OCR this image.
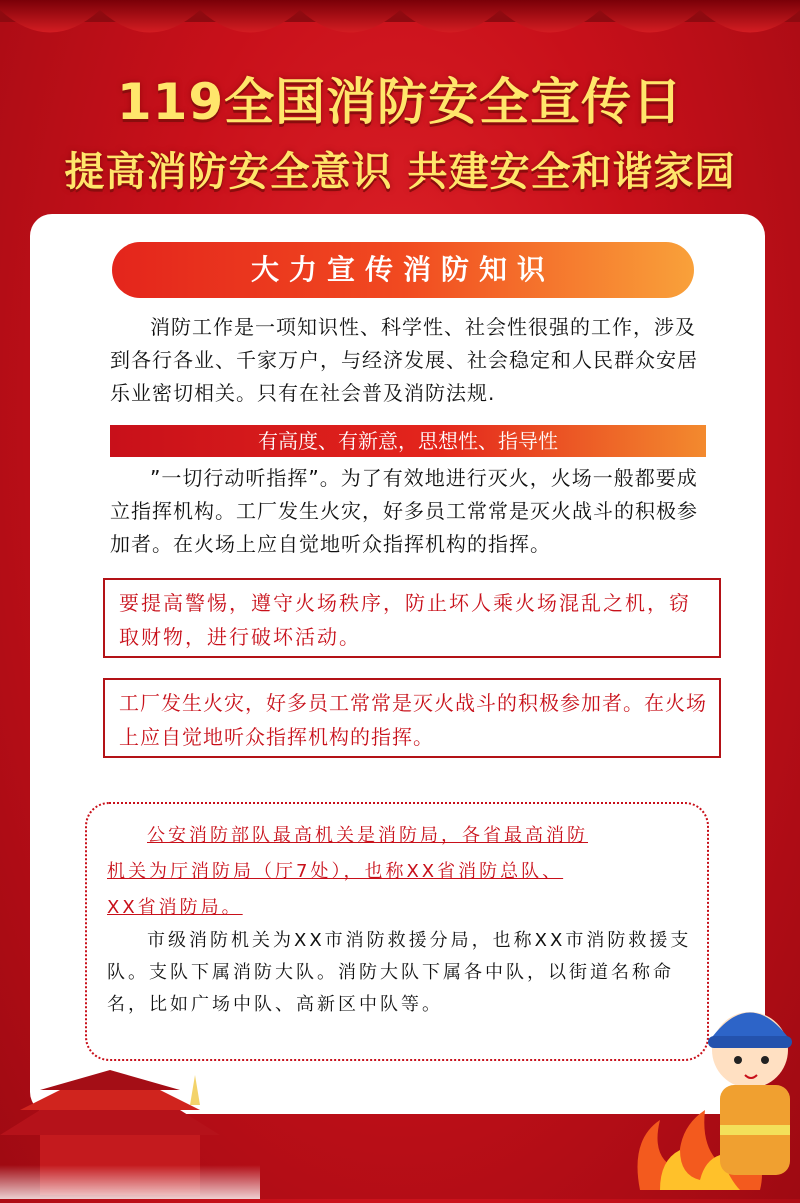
119全国消防安全宣传日
提高消防安全意识 共建安全和谐家园
大力宣传消防知识
消防工作是一项知识性、科学性、社会性很强的工作，涉及到各行各业、千家万户，与经济发展、社会稳定和人民群众安居乐业密切相关。只有在社会普及消防法规.
有高度、有新意，思想性、指导性
”一切行动听指挥”。为了有效地进行灭火，火场一般都要成立指挥机构。工厂发生火灾，好多员工常常是灭火战斗的积极参加者。在火场上应自觉地听众指挥机构的指挥。
要提高警惕，遵守火场秩序，防止坏人乘火场混乱之机，窃取财物，进行破坏活动。
工厂发生火灾，好多员工常常是灭火战斗的积极参加者。在火场上应自觉地听众指挥机构的指挥。
公安消防部队最高机关是消防局，各省最高消防
机关为厅消防局（厅7处），也称XX省消防总队、
XX省消防局。
市级消防机关为XX市消防救援分局，也称XX市消防救援支队。支队下属消防大队。消防大队下属各中队，以街道名称命名，比如广场中队、高新区中队等。
